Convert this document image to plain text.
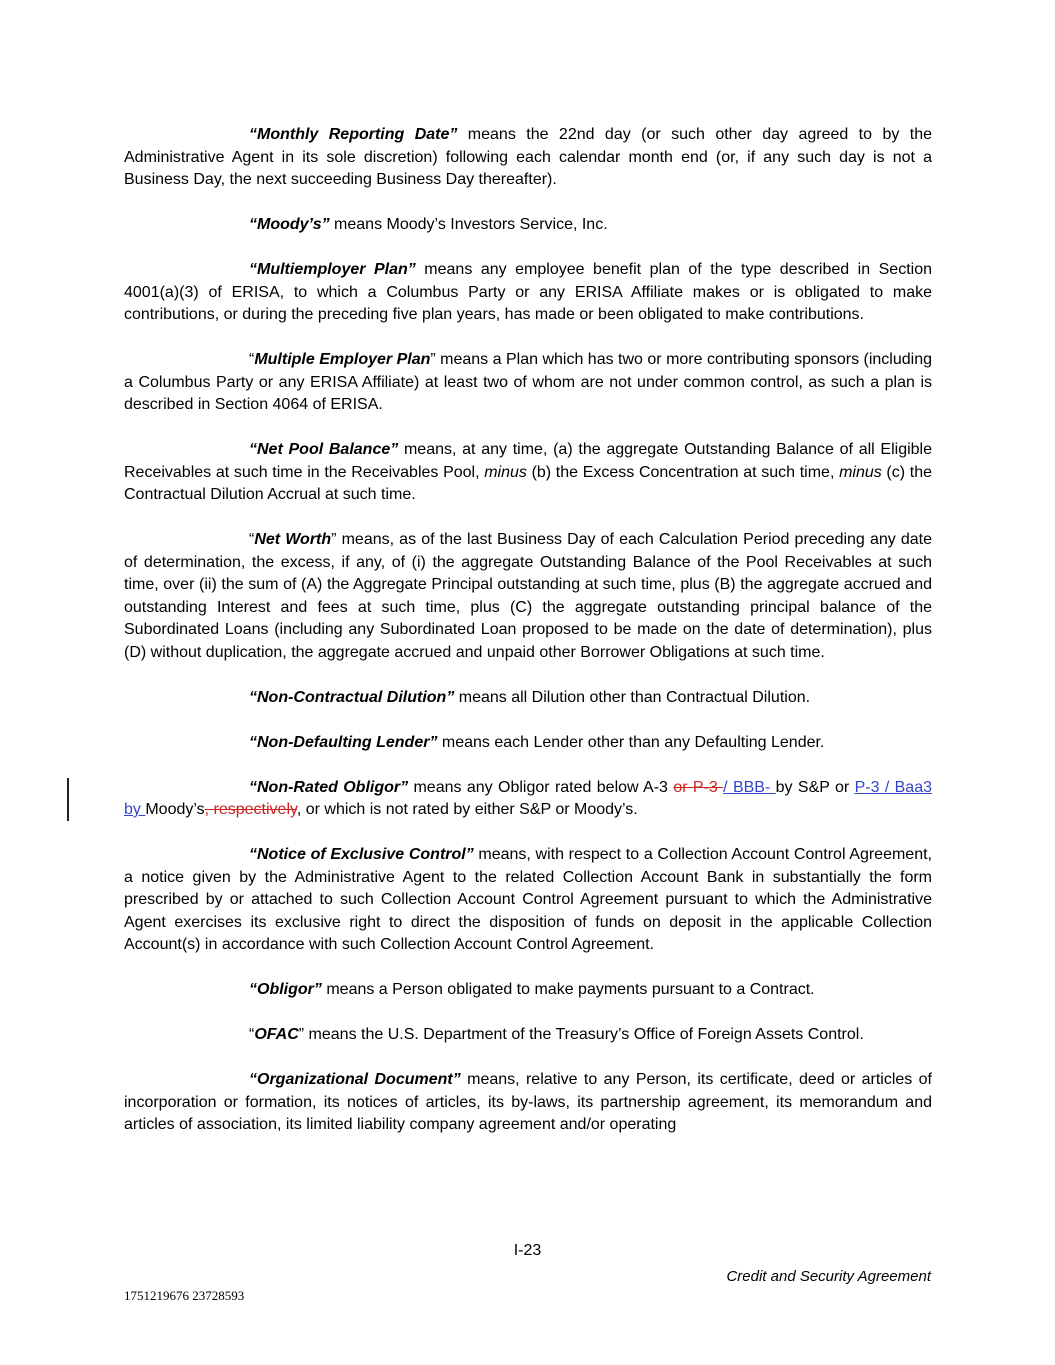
“Monthly Reporting Date” means the 22nd day (or such other day agreed to by the Administrative Agent in its sole discretion) following each calendar month end (or, if any such day is not a Business Day, the next succeeding Business Day thereafter).

“Moody’s” means Moody’s Investors Service, Inc.

“Multiemployer Plan” means any employee benefit plan of the type described in Section 4001(a)(3) of ERISA, to which a Columbus Party or any ERISA Affiliate makes or is obligated to make contributions, or during the preceding five plan years, has made or been obligated to make contributions.

“Multiple Employer Plan” means a Plan which has two or more contributing sponsors (including a Columbus Party or any ERISA Affiliate) at least two of whom are not under common control, as such a plan is described in Section 4064 of ERISA.

“Net Pool Balance” means, at any time, (a) the aggregate Outstanding Balance of all Eligible Receivables at such time in the Receivables Pool, minus (b) the Excess Concentration at such time, minus (c) the Contractual Dilution Accrual at such time.

“Net Worth” means, as of the last Business Day of each Calculation Period preceding any date of determination, the excess, if any, of (i) the aggregate Outstanding Balance of the Pool Receivables at such time, over (ii) the sum of (A) the Aggregate Principal outstanding at such time, plus (B) the aggregate accrued and outstanding Interest and fees at such time, plus (C) the aggregate outstanding principal balance of the Subordinated Loans (including any Subordinated Loan proposed to be made on the date of determination), plus (D) without duplication, the aggregate accrued and unpaid other Borrower Obligations at such time.

“Non-Contractual Dilution” means all Dilution other than Contractual Dilution.

“Non-Defaulting Lender” means each Lender other than any Defaulting Lender.

“Non-Rated Obligor” means any Obligor rated below A-3 or P-3 / BBB- by S&P or P-3 / Baa3 by Moody’s, respectively, or which is not rated by either S&P or Moody’s.

“Notice of Exclusive Control” means, with respect to a Collection Account Control Agreement, a notice given by the Administrative Agent to the related Collection Account Bank in substantially the form prescribed by or attached to such Collection Account Control Agreement pursuant to which the Administrative Agent exercises its exclusive right to direct the disposition of funds on deposit in the applicable Collection Account(s) in accordance with such Collection Account Control Agreement.

“Obligor” means a Person obligated to make payments pursuant to a Contract.

“OFAC” means the U.S. Department of the Treasury’s Office of Foreign Assets Control.

“Organizational Document” means, relative to any Person, its certificate, deed or articles of incorporation or formation, its notices of articles, its by-laws, its partnership agreement, its memorandum and articles of association, its limited liability company agreement and/or operating

I-23
Credit and Security Agreement
1751219676 23728593
